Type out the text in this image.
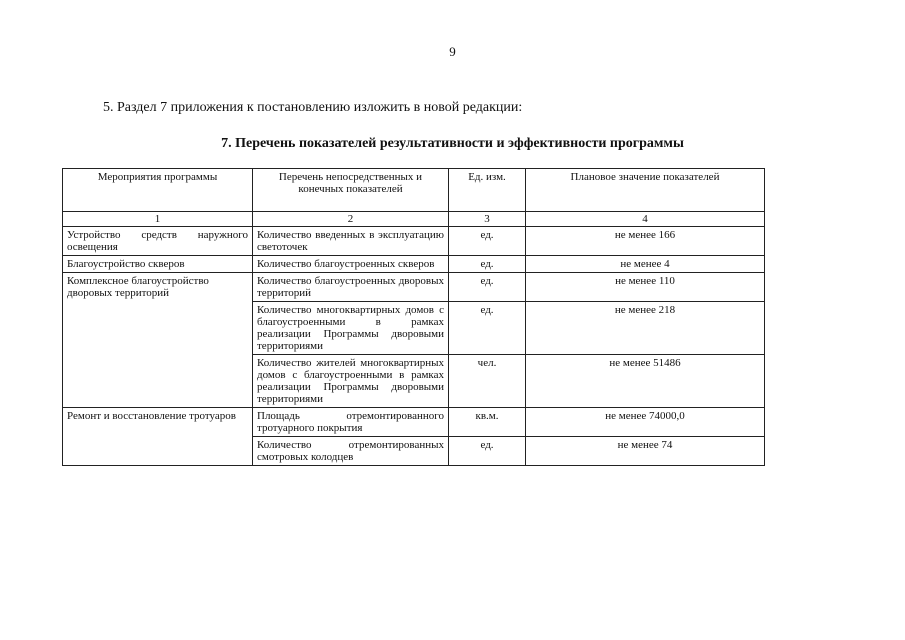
9
5. Раздел 7 приложения к постановлению изложить в новой редакции:
7. Перечень показателей результативности и эффективности программы
Мероприятия программы	Перечень непосредственных и конечных показателей	Ед. изм.	Плановое значение показателей
1	2	3	4
Устройство средств наружного освещения	Количество введенных в эксплуатацию светоточек	ед.	не менее 166
Благоустройство скверов	Количество благоустроенных скверов	ед.	не менее 4
Комплексное благоустройство дворовых территорий	Количество благоустроенных дворовых территорий	ед.	не менее 110
	Количество многоквартирных домов с благоустроенными в рамках реализации Программы дворовыми территориями	ед.	не менее 218
	Количество жителей многоквартирных домов с благоустроенными в рамках реализации Программы дворовыми территориями	чел.	не менее 51486
Ремонт и восстановление тротуаров	Площадь отремонтированного тротуарного покрытия	кв.м.	не менее 74000,0
	Количество отремонтированных смотровых колодцев	ед.	не менее 74
